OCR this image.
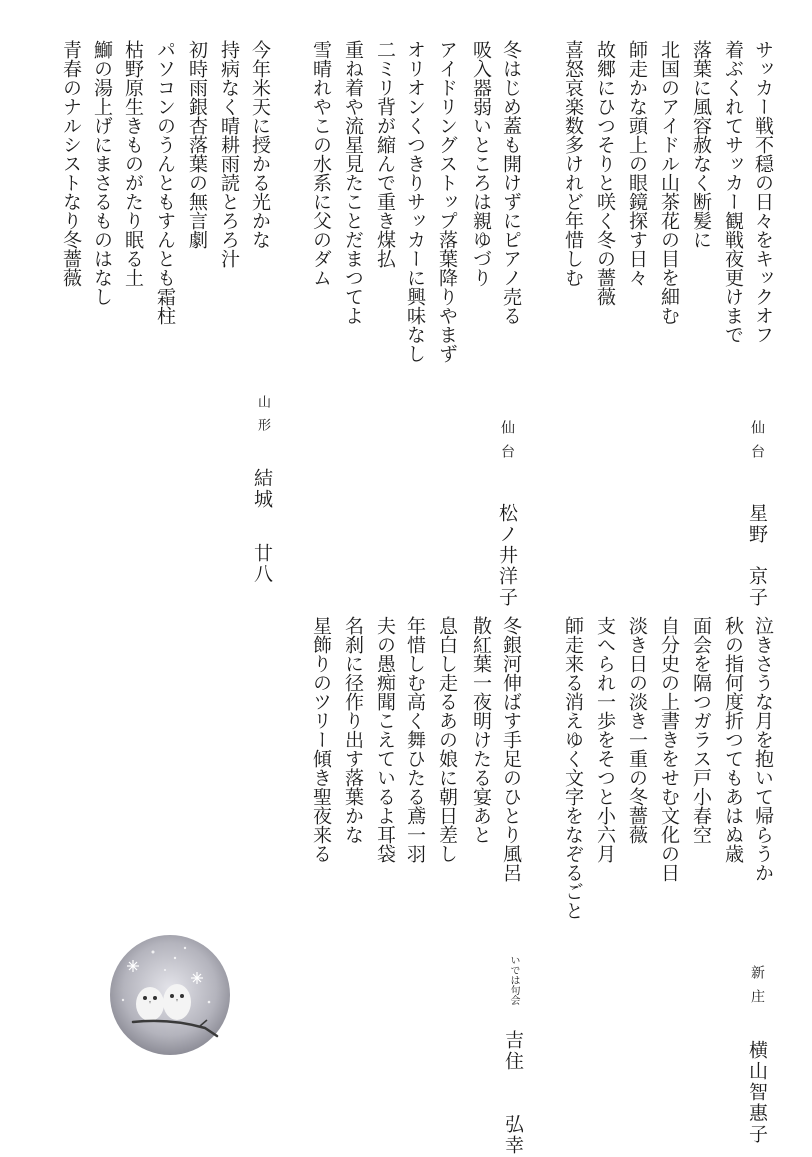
サッカー戦不穏の日々をキックオフ
着ぶくれてサッカー観戦夜更けまで
落葉に風容赦なく断髪に
北国のアイドル山茶花の目を細む
師走かな頭上の眼鏡探す日々
故郷にひつそりと咲く冬の薔薇
喜怒哀楽数多けれど年惜しむ
仙台 星野　京子
冬はじめ蓋も開けずにピアノ売る
吸入器弱いところは親ゆづり
アイドリングストップ落葉降りやまず
オリオンくつきりサッカーに興味なし
二ミリ背が縮んで重き煤払
重ね着や流星見たことだまつてよ
雪晴れやこの水系に父のダム
仙台 松ノ井洋子
今年米天に授かる光かな
持病なく晴耕雨読とろろ汁
初時雨銀杏落葉の無言劇
パソコンのうんともすんとも霜柱
枯野原生きものがたり眠る土
鰤の湯上げにまさるものはなし
青春のナルシストなり冬薔薇
山形 結城 廿八
泣きさうな月を抱いて帰らうか
秋の指何度折つてもあはぬ歳
面会を隔つガラス戸小春空
自分史の上書きをせむ文化の日
淡き日の淡き一重の冬薔薇
支へられ一歩をそつと小六月
師走来る消えゆく文字をなぞるごと
新庄 横山智惠子
冬銀河伸ばす手足のひとり風呂
散紅葉一夜明けたる宴あと
息白し走るあの娘に朝日差し
年惜しむ高く舞ひたる鳶一羽
夫の愚痴聞こえているよ耳袋
名刹に径作り出す落葉かな
星飾りのツリー傾き聖夜来る
いでは句会 吉住　　弘幸
